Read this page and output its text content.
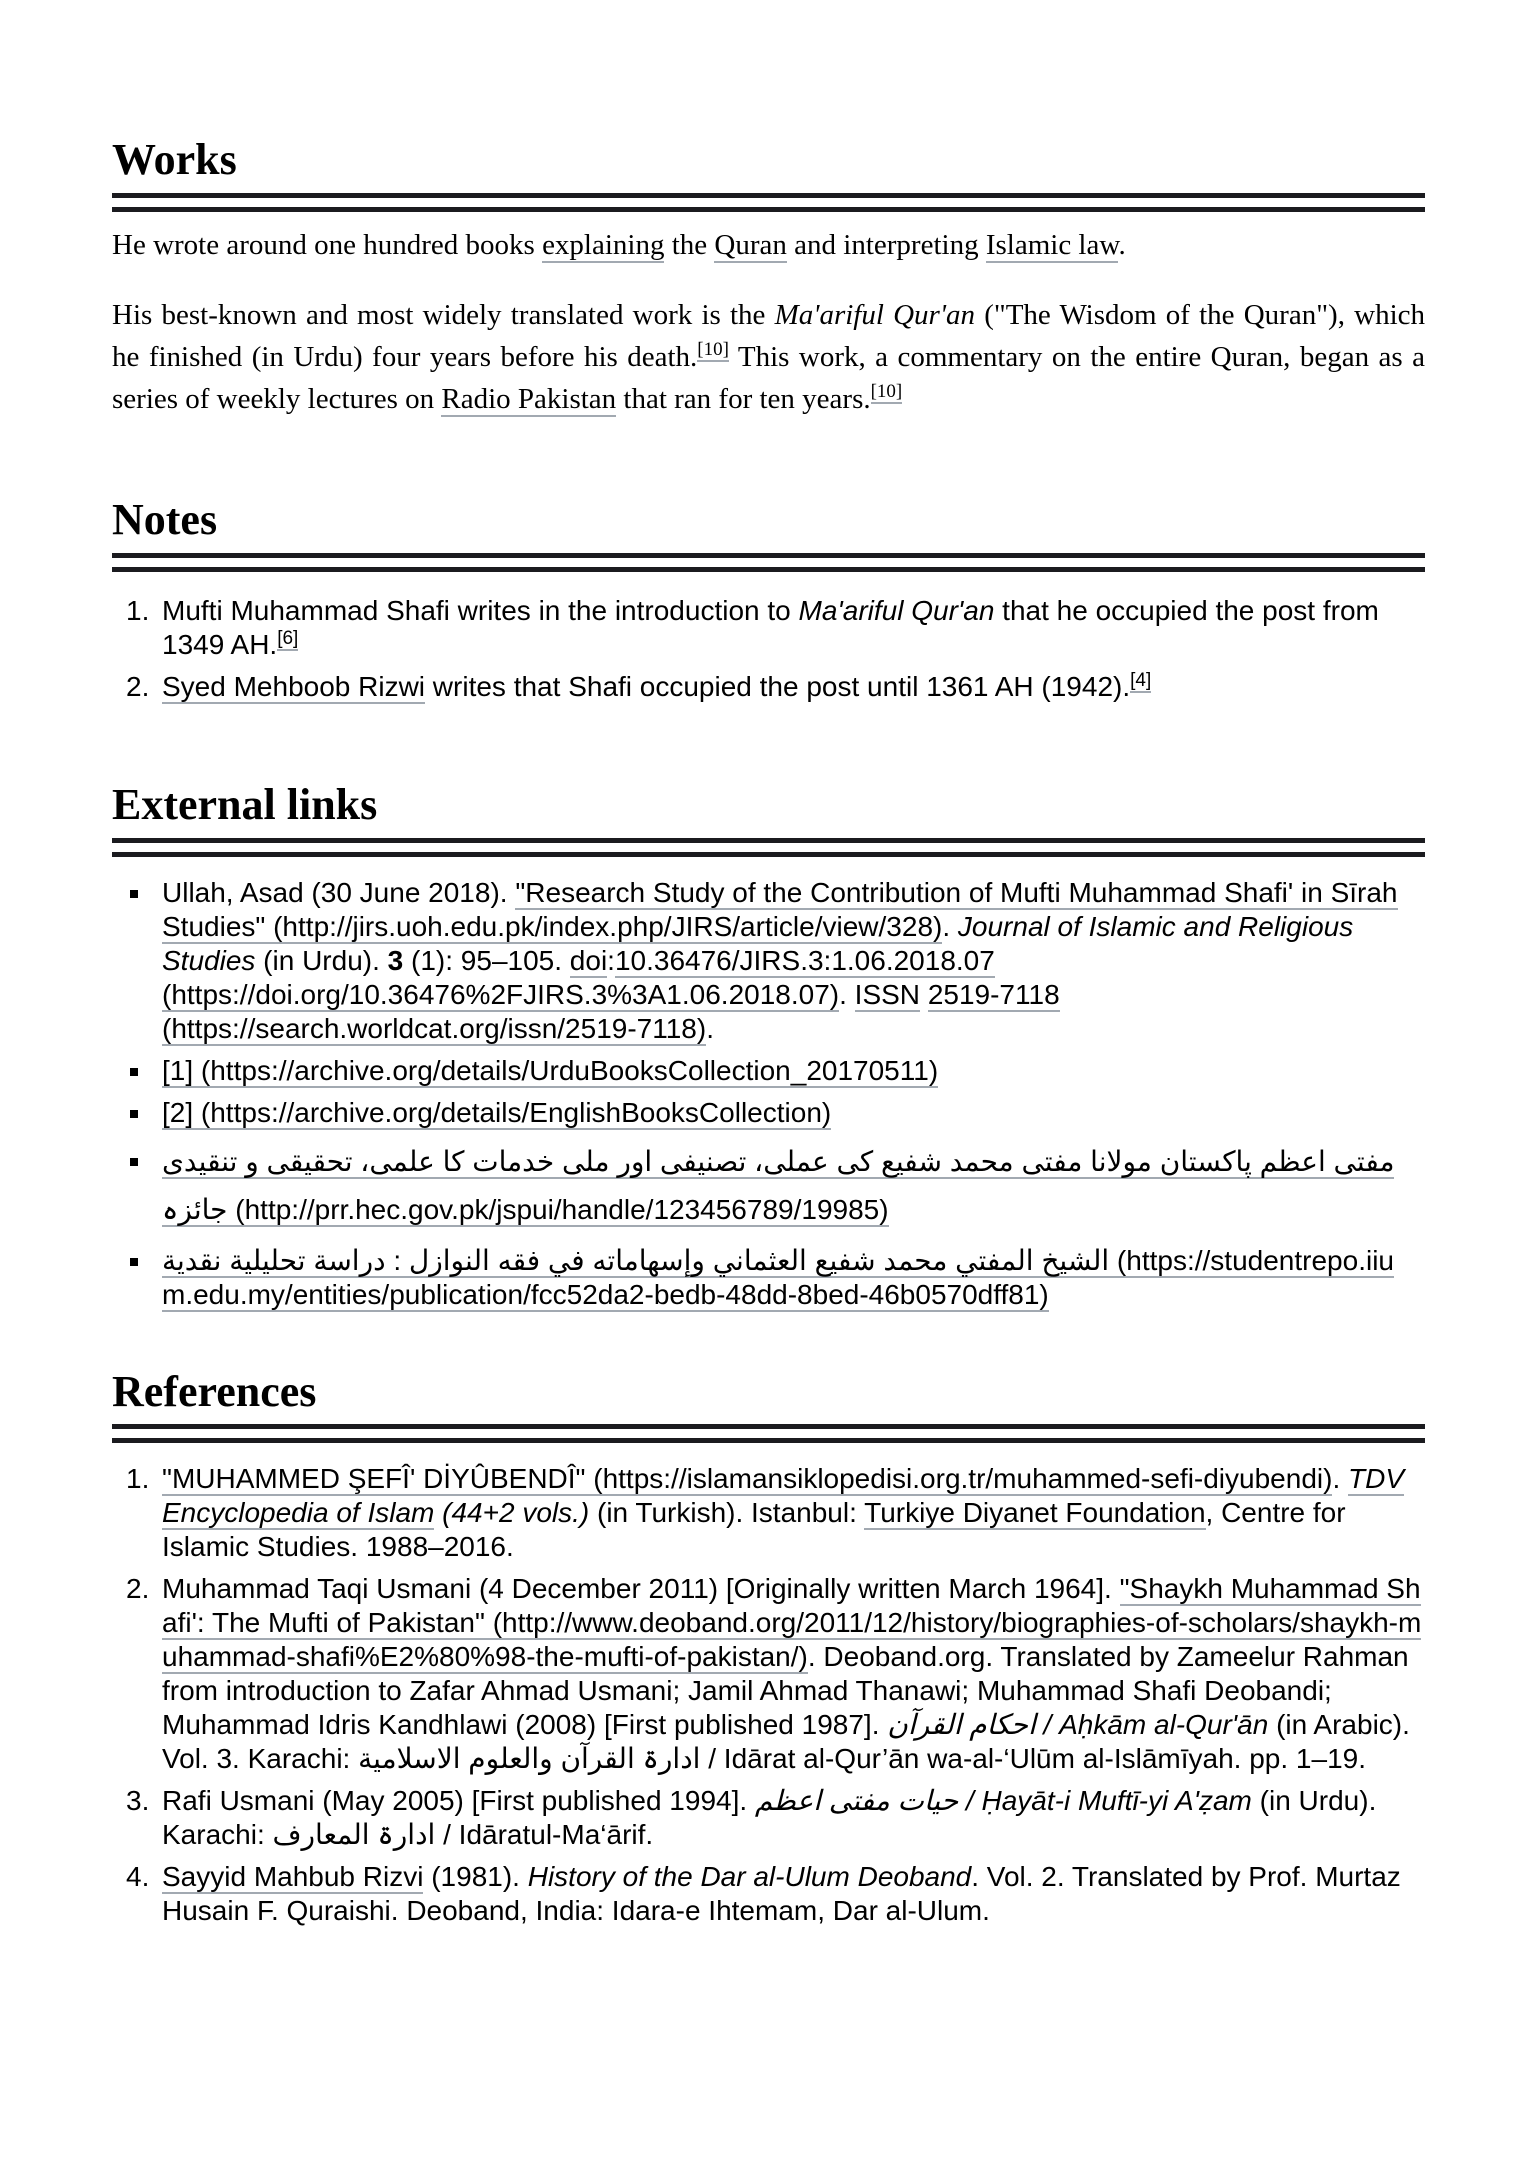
Works

He wrote around one hundred books explaining the Quran and interpreting Islamic law.

His best-known and most widely translated work is the Ma'ariful Qur'an ("The Wisdom of the Quran"), which he finished (in Urdu) four years before his death.[10] This work, a commentary on the entire Quran, began as a series of weekly lectures on Radio Pakistan that ran for ten years.[10]

Notes
1. Mufti Muhammad Shafi writes in the introduction to Ma'ariful Qur'an that he occupied the post from 1349 AH.[6]
2. Syed Mehboob Rizwi writes that Shafi occupied the post until 1361 AH (1942).[4]
External links
Ullah, Asad (30 June 2018). "Research Study of the Contribution of Mufti Muhammad Shafi' in Sīrah Studies" (http://jirs.uoh.edu.pk/index.php/JIRS/article/view/328). Journal of Islamic and Religious Studies (in Urdu). 3 (1): 95–105. doi:10.36476/JIRS.3:1.06.2018.07 (https://doi.org/10.36476%2FJIRS.3%3A1.06.2018.07). ISSN 2519-7118 (https://search.worldcat.org/issn/2519-7118).
[1] (https://archive.org/details/UrduBooksCollection_20170511)
[2] (https://archive.org/details/EnglishBooksCollection)
مفتی اعظم پاکستان مولانا مفتی محمد شفیع کی عملی، تصنیفی اور ملی خدمات کا علمی، تحقیقی و تنقیدی جائزہ (http://prr.hec.gov.pk/jspui/handle/123456789/19985)
الشيخ المفتي محمد شفيع العثماني وإسهاماته في فقه النوازل : دراسة تحليلية نقدية (https://studentrepo.iium.edu.my/entities/publication/fcc52da2-bedb-48dd-8bed-46b0570dff81)
References
1. "MUHAMMED ŞEFÎ' DİYÛBENDÎ" (https://islamansiklopedisi.org.tr/muhammed-sefi-diyubendi). TDV Encyclopedia of Islam (44+2 vols.) (in Turkish). Istanbul: Turkiye Diyanet Foundation, Centre for Islamic Studies. 1988–2016.
2. Muhammad Taqi Usmani (4 December 2011) [Originally written March 1964]. "Shaykh Muhammad Shafi': The Mufti of Pakistan" (http://www.deoband.org/2011/12/history/biographies-of-scholars/shaykh-muhammad-shafi%E2%80%98-the-mufti-of-pakistan/). Deoband.org. Translated by Zameelur Rahman from introduction to Zafar Ahmad Usmani; Jamil Ahmad Thanawi; Muhammad Shafi Deobandi; Muhammad Idris Kandhlawi (2008) [First published 1987]. احكام القرآن / Aḥkām al-Qur'ān (in Arabic). Vol. 3. Karachi: ادارۃ القرآن والعلوم الاسلامية / Idārat al-Qur’ān wa-al-‘Ulūm al-Islāmīyah. pp. 1–19.
3. Rafi Usmani (May 2005) [First published 1994]. حیات مفتی اعظم / Ḥayāt-i Muftī-yi A'ẓam (in Urdu). Karachi: ادارۃ المعارف / Idāratul-Ma‘ārif.
4. Sayyid Mahbub Rizvi (1981). History of the Dar al-Ulum Deoband. Vol. 2. Translated by Prof. Murtaz Husain F. Quraishi. Deoband, India: Idara-e Ihtemam, Dar al-Ulum.
